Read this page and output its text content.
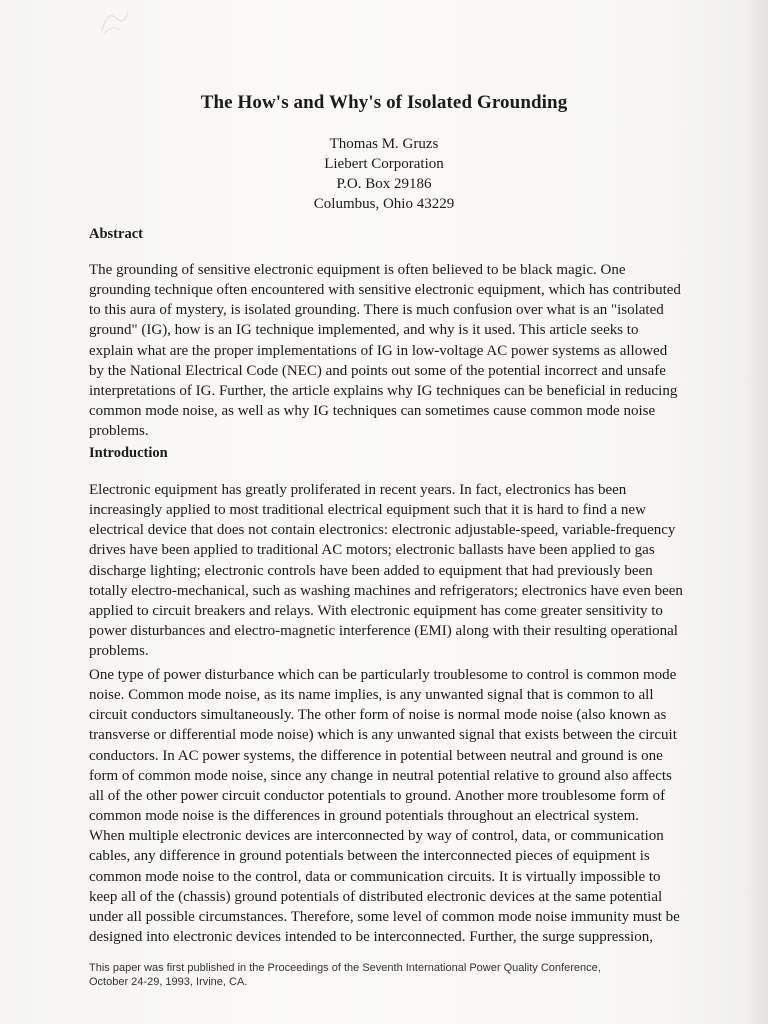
The How's and Why's of Isolated Grounding
Thomas M. Gruzs
Liebert Corporation
P.O. Box 29186
Columbus, Ohio 43229
Abstract

The grounding of sensitive electronic equipment is often believed to be black magic. One
grounding technique often encountered with sensitive electronic equipment, which has contributed
to this aura of mystery, is isolated grounding. There is much confusion over what is an "isolated
ground" (IG), how is an IG technique implemented, and why is it used. This article seeks to
explain what are the proper implementations of IG in low-voltage AC power systems as allowed
by the National Electrical Code (NEC) and points out some of the potential incorrect and unsafe
interpretations of IG. Further, the article explains why IG techniques can be beneficial in reducing
common mode noise, as well as why IG techniques can sometimes cause common mode noise
problems.

Introduction

Electronic equipment has greatly proliferated in recent years. In fact, electronics has been
increasingly applied to most traditional electrical equipment such that it is hard to find a new
electrical device that does not contain electronics: electronic adjustable-speed, variable-frequency
drives have been applied to traditional AC motors; electronic ballasts have been applied to gas
discharge lighting; electronic controls have been added to equipment that had previously been
totally electro-mechanical, such as washing machines and refrigerators; electronics have even been
applied to circuit breakers and relays. With electronic equipment has come greater sensitivity to
power disturbances and electro-magnetic interference (EMI) along with their resulting operational
problems.

One type of power disturbance which can be particularly troublesome to control is common mode
noise. Common mode noise, as its name implies, is any unwanted signal that is common to all
circuit conductors simultaneously. The other form of noise is normal mode noise (also known as
transverse or differential mode noise) which is any unwanted signal that exists between the circuit
conductors. In AC power systems, the difference in potential between neutral and ground is one
form of common mode noise, since any change in neutral potential relative to ground also affects
all of the other power circuit conductor potentials to ground. Another more troublesome form of
common mode noise is the differences in ground potentials throughout an electrical system.
When multiple electronic devices are interconnected by way of control, data, or communication
cables, any difference in ground potentials between the interconnected pieces of equipment is
common mode noise to the control, data or communication circuits. It is virtually impossible to
keep all of the (chassis) ground potentials of distributed electronic devices at the same potential
under all possible circumstances. Therefore, some level of common mode noise immunity must be
designed into electronic devices intended to be interconnected. Further, the surge suppression,

This paper was first published in the Proceedings of the Seventh International Power Quality Conference,
October 24-29, 1993, Irvine, CA.
